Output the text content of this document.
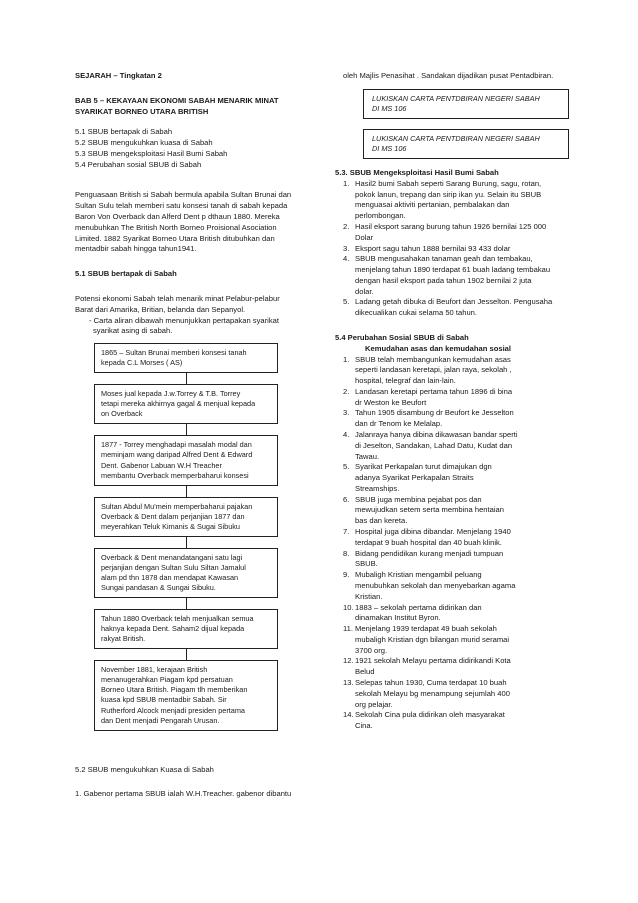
SEJARAH – Tingkatan 2

BAB 5 – KEKAYAAN EKONOMI SABAH MENARIK MINAT

SYARIKAT BORNEO UTARA BRITISH

5.1 SBUB bertapak di Sabah

5.2 SBUB mengukuhkan kuasa di Sabah

5.3 SBUB mengeksploitasi Hasil Bumi Sabah

5.4 Perubahan sosial SBUB di Sabah

Penguasaan British si Sabah bermula apabila Sultan Brunai dan

Sultan Sulu telah memberi satu konsesi tanah di sabah kepada

Baron Von Overback dan Alferd Dent p dthaun 1880. Mereka

menubuhkan The British North Borneo Proisional Asociation

Limited. 1882 Syarikat Borneo Utara British ditubuhkan dan

mentadbir sabah hingga tahun1941.

5.1 SBUB bertapak di Sabah

Potensi ekonomi Sabah telah menarik minat Pelabur-pelabur

Barat dari Amarika, Britian, belanda dan Sepanyol.

- Carta aliran dibawah menunjukkan pertapakan syarikat

syarikat asing di sabah.

1865 – Sultan Brunai memberi konsesi tanah

kepada C.L Morses ( AS)

Moses jual kepada J.w.Torrey & T.B. Torrey

tetapi mereka akhirnya gagal & menjual kepada

on Overback

1877 - Torrey menghadapi masalah modal dan

meminjam wang daripad Alfred Dent & Edward

Dent. Gabenor Labuan W.H Treacher

membantu Overback memperbaharui konsesi

Sultan Abdul Mu’mein memperbaharui pajakan

Overback & Dent dalam perjanjian 1877 dan

meyerahkan Teluk Kimanis & Sugai Sibuku

Overback & Dent menandatangani satu lagi

perjanjian dengan Sultan Sulu Siltan Jamalul

alam pd thn 1878 dan mendapat Kawasan

Sungai pandasan & Sungai Sibuku.

Tahun 1880 Overback telah menjualkan semua

haknya kepada Dent. Saham2 dijual kepada

rakyat British.

November 1881, kerajaan British

menanugerahkan Piagam kpd persatuan

Borneo Utara British. Piagam tlh memberikan

kuasa kpd SBUB mentadbir Sabah. Sir

Rutherford Alcock menjadi presiden pertama

dan Dent menjadi Pengarah Urusan.

5.2 SBUB mengukuhkan Kuasa di Sabah

1. Gabenor pertama SBUB ialah W.H.Treacher. gabenor dibantu

oleh Majlis Penasihat . Sandakan dijadikan pusat Pentadbiran.

LUKISKAN CARTA PENTDBIRAN NEGERI SABAH

DI MS 106

LUKISKAN CARTA PENTDBIRAN NEGERI SABAH

DI MS 106

5.3. SBUB Mengeksploitasi Hasil Bumi Sabah

1. Hasil2 bumi Sabah seperti Sarang Burung, sagu, rotan,

pokok lanun, trepang dan sirip ikan yu. Selain itu SBUB

menguasai aktiviti pertanian, pembalakan dan

perlombongan.

2. Hasil eksport sarang burung tahun 1926 bernilai 125 000

Dolar

3. Eksport sagu tahun 1888 bernilai 93 433 dolar

4. SBUB mengusahakan tanaman geah dan tembakau,

menjelang tahun 1890 terdapat 61 buah ladang tembakau

dengan hasil eksport pada tahun 1902 bernilai 2 juta

dolar.

5. Ladang getah dibuka di Beufort dan Jesselton. Pengusaha

dikecualikan cukai selama 50 tahun.

5.4 Perubahan Sosial SBUB di Sabah

Kemudahan asas dan kemudahan sosial

1. SBUB telah membangunkan kemudahan asas

seperti landasan keretapi, jalan raya, sekolah ,

hospital, telegraf dan lain-lain.

2. Landasan keretapi pertama tahun 1896 di bina

dr Weston ke Beufort

3. Tahun 1905 disambung dr Beufort ke Jesselton

dan dr Tenom ke Melalap.

4. Jalanraya hanya dibina dikawasan bandar sperti

di Jeselton, Sandakan, Lahad Datu, Kudat dan

Tawau.

5. Syarikat Perkapalan turut dimajukan dgn

adanya Syarikat Perkapalan Straits

Streamships.

6. SBUB juga membina pejabat pos dan

mewujudkan setem serta membina hentaian

bas dan kereta.

7. Hospital juga dibina dibandar. Menjelang 1940

terdapat 9 buah hospital dan 40 buah klinik.

8. Bidang pendidikan kurang menjadi tumpuan

SBUB.

9. Mubaligh Kristian mengambil peluang

menubuhkan sekolah dan menyebarkan agama

Kristian.

10. 1883 – sekolah pertama didirikan dan

dinamakan Institut Byron.

11. Menjelang 1939 terdapat 49 buah sekolah

mubaligh Kristian dgn bilangan murid seramai

3700 org.

12. 1921 sekolah Melayu pertama didirikandi Kota

Belud

13. Selepas tahun 1930, Cuma terdapat 10 buah

sekolah Melayu bg menampung sejumlah 400

org pelajar.

14. Sekolah Cina pula didirikan oleh masyarakat

Cina.
